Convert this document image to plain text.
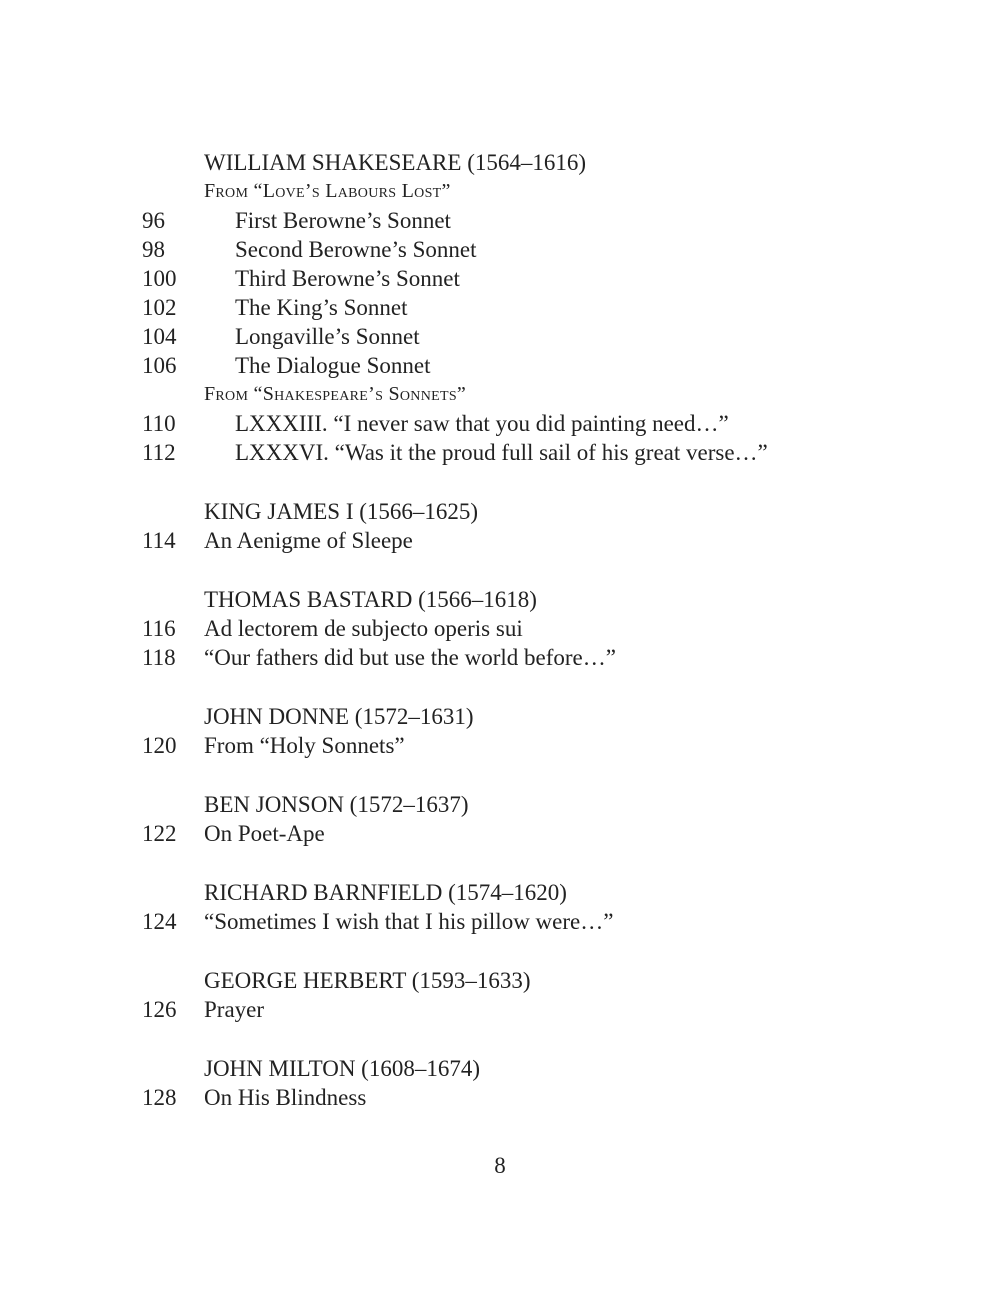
WILLIAM SHAKESEARE (1564–1616)
From “Love’s Labours Lost”
96	First Berowne’s Sonnet
98	Second Berowne’s Sonnet
100	Third Berowne’s Sonnet
102	The King’s Sonnet
104	Longaville’s Sonnet
106	The Dialogue Sonnet
From “Shakespeare’s Sonnets”
110	LXXXIII. “I never saw that you did painting need…”
112	LXXXVI. “Was it the proud full sail of his great verse…”
KING JAMES I (1566–1625)
114 An Aenigme of Sleepe
THOMAS BASTARD (1566–1618)
116 Ad lectorem de subjecto operis sui
118 “Our fathers did but use the world before…”
JOHN DONNE (1572–1631)
120 From “Holy Sonnets”
BEN JONSON (1572–1637)
122 On Poet-Ape
RICHARD BARNFIELD (1574–1620)
124 “Sometimes I wish that I his pillow were…”
GEORGE HERBERT (1593–1633)
126 Prayer
JOHN MILTON (1608–1674)
128 On His Blindness
8
